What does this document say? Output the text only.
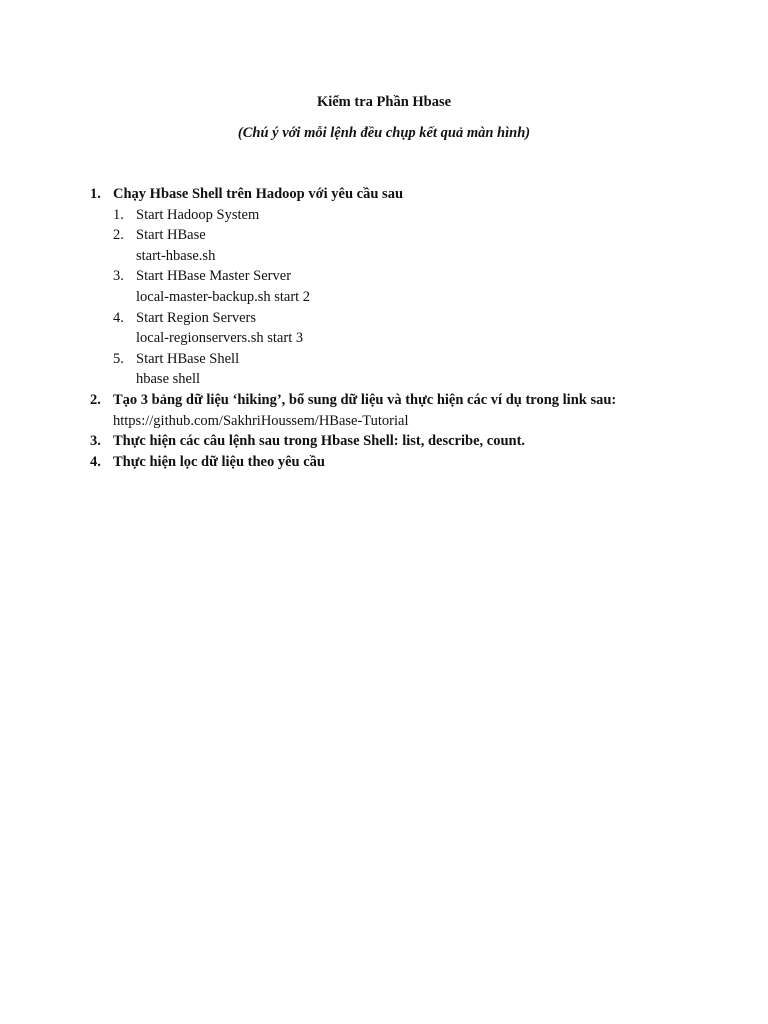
Kiểm tra Phần Hbase
(Chú ý với mỗi lệnh đều chụp kết quả màn hình)
1. Chạy Hbase Shell trên Hadoop với yêu cầu sau
1. Start Hadoop System
2. Start HBase
start-hbase.sh
3. Start HBase Master Server
local-master-backup.sh start 2
4. Start Region Servers
local-regionservers.sh start 3
5. Start HBase Shell
hbase shell
2. Tạo 3 bảng dữ liệu ‘hiking’, bổ sung dữ liệu và thực hiện các ví dụ trong link sau:
https://github.com/SakhriHoussem/HBase-Tutorial
3. Thực hiện các câu lệnh sau trong Hbase Shell: list, describe, count.
4. Thực hiện lọc dữ liệu theo yêu cầu
